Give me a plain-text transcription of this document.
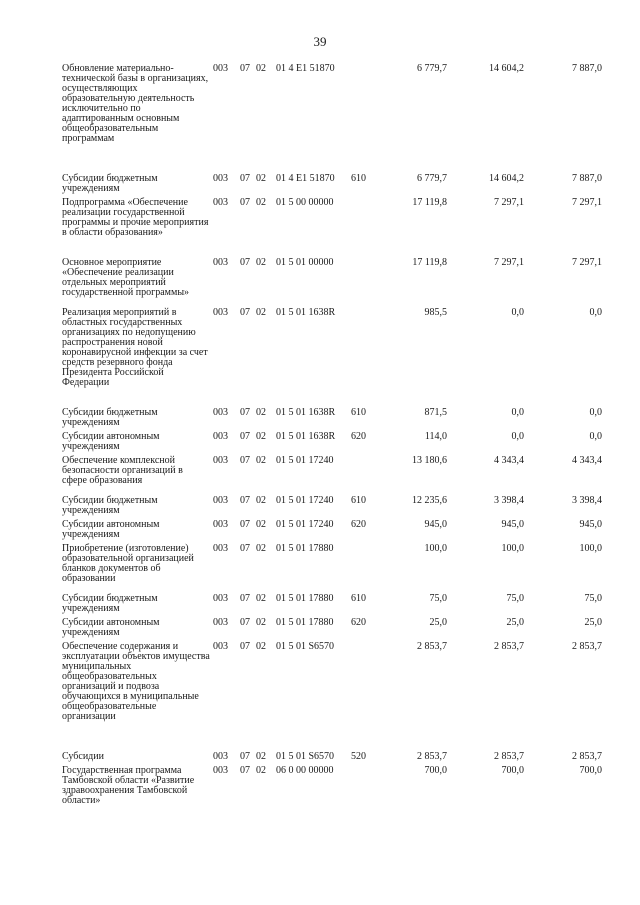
39
Обновление материально-технической базы в организациях, осуществляющих образовательную деятельность исключительно по адаптированным основным общеобразовательным программам
003 07 02 01 4 E1 51870	6 779,7	14 604,2	7 887,0
Субсидии бюджетным учреждениям
003 07 02 01 4 E1 51870 610	6 779,7	14 604,2	7 887,0
Подпрограмма «Обеспечение реализации государственной программы и прочие мероприятия в области образования»
003 07 02 01 5 00 00000	17 119,8	7 297,1	7 297,1
Основное мероприятие «Обеспечение реализации отдельных мероприятий государственной программы»
003 07 02 01 5 01 00000	17 119,8	7 297,1	7 297,1
Реализация мероприятий в областных государственных организациях по недопущению распространения новой коронавирусной инфекции за счет средств резервного фонда Президента Российской Федерации
003 07 02 01 5 01 1638R	985,5	0,0	0,0
Субсидии бюджетным учреждениям
003 07 02 01 5 01 1638R 610	871,5	0,0	0,0
Субсидии автономным учреждениям
003 07 02 01 5 01 1638R 620	114,0	0,0	0,0
Обеспечение комплексной безопасности организаций в сфере образования
003 07 02 01 5 01 17240	13 180,6	4 343,4	4 343,4
Субсидии бюджетным учреждениям
003 07 02 01 5 01 17240 610	12 235,6	3 398,4	3 398,4
Субсидии автономным учреждениям
003 07 02 01 5 01 17240 620	945,0	945,0	945,0
Приобретение (изготовление) образовательной организацией бланков документов об образовании
003 07 02 01 5 01 17880	100,0	100,0	100,0
Субсидии бюджетным учреждениям
003 07 02 01 5 01 17880 610	75,0	75,0	75,0
Субсидии автономным учреждениям
003 07 02 01 5 01 17880 620	25,0	25,0	25,0
Обеспечение содержания и эксплуатации объектов имущества муниципальных общеобразовательных организаций и подвоза обучающихся в муниципальные общеобразовательные организации
003 07 02 01 5 01 S6570	2 853,7	2 853,7	2 853,7
Субсидии	003 07 02 01 5 01 S6570 520	2 853,7	2 853,7	2 853,7
Государственная программа Тамбовской области «Развитие здравоохранения Тамбовской области»
003 07 02 06 0 00 00000	700,0	700,0	700,0
